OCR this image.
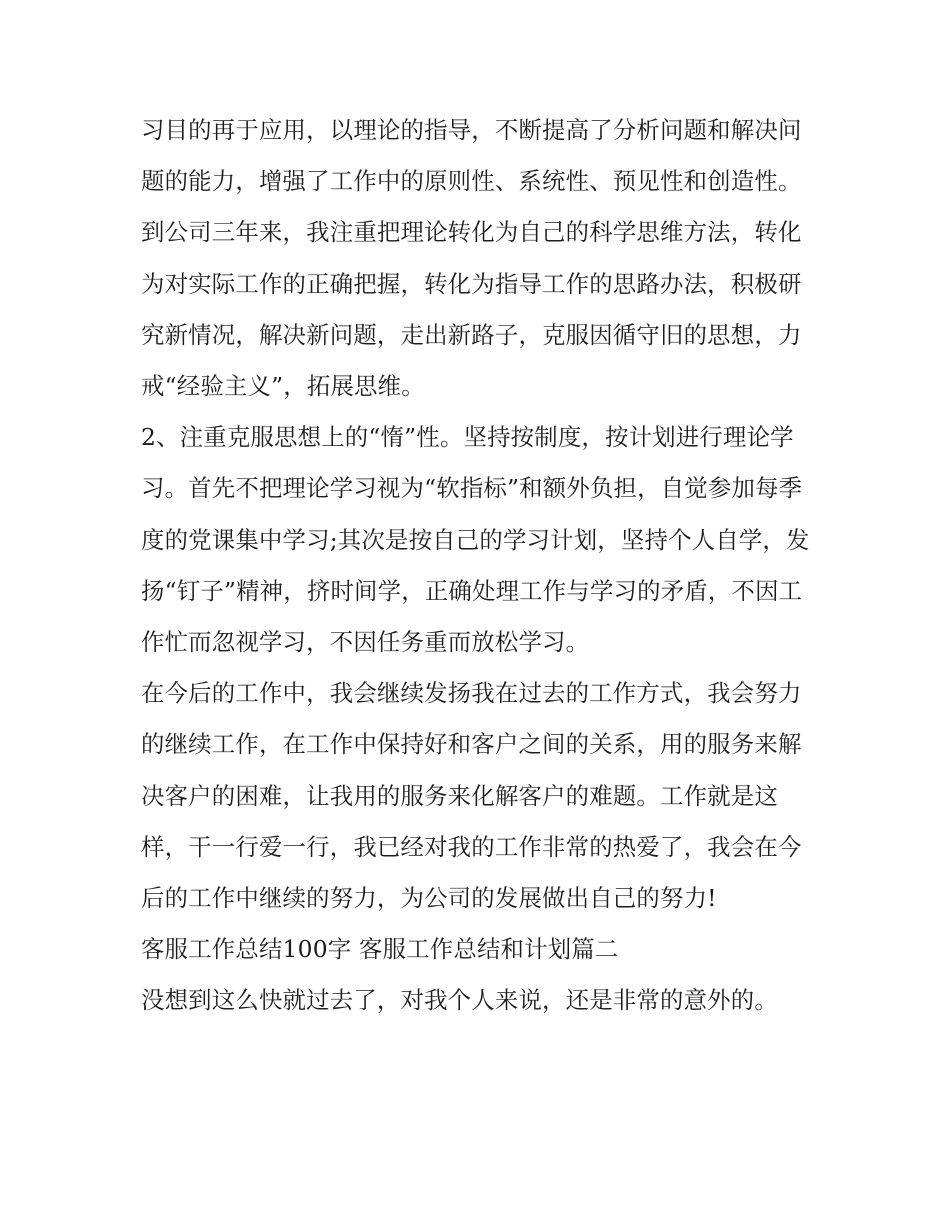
习目的再于应用，以理论的指导，不断提高了分析问题和解决问题的能力，增强了工作中的原则性、系统性、预见性和创造性。

到公司三年来，我注重把理论转化为自己的科学思维方法，转化为对实际工作的正确把握，转化为指导工作的思路办法，积极研究新情况，解决新问题，走出新路子，克服因循守旧的思想，力戒“经验主义”，拓展思维。

2、注重克服思想上的“惰”性。坚持按制度，按计划进行理论学习。首先不把理论学习视为“软指标”和额外负担，自觉参加每季度的党课集中学习;其次是按自己的学习计划，坚持个人自学，发扬“钉子”精神，挤时间学，正确处理工作与学习的矛盾，不因工作忙而忽视学习，不因任务重而放松学习。

在今后的工作中，我会继续发扬我在过去的工作方式，我会努力的继续工作，在工作中保持好和客户之间的关系，用的服务来解决客户的困难，让我用的服务来化解客户的难题。工作就是这样，干一行爱一行，我已经对我的工作非常的热爱了，我会在今后的工作中继续的努力，为公司的发展做出自己的努力!

客服工作总结100字 客服工作总结和计划篇二

没想到这么快就过去了，对我个人来说，还是非常的意外的。
